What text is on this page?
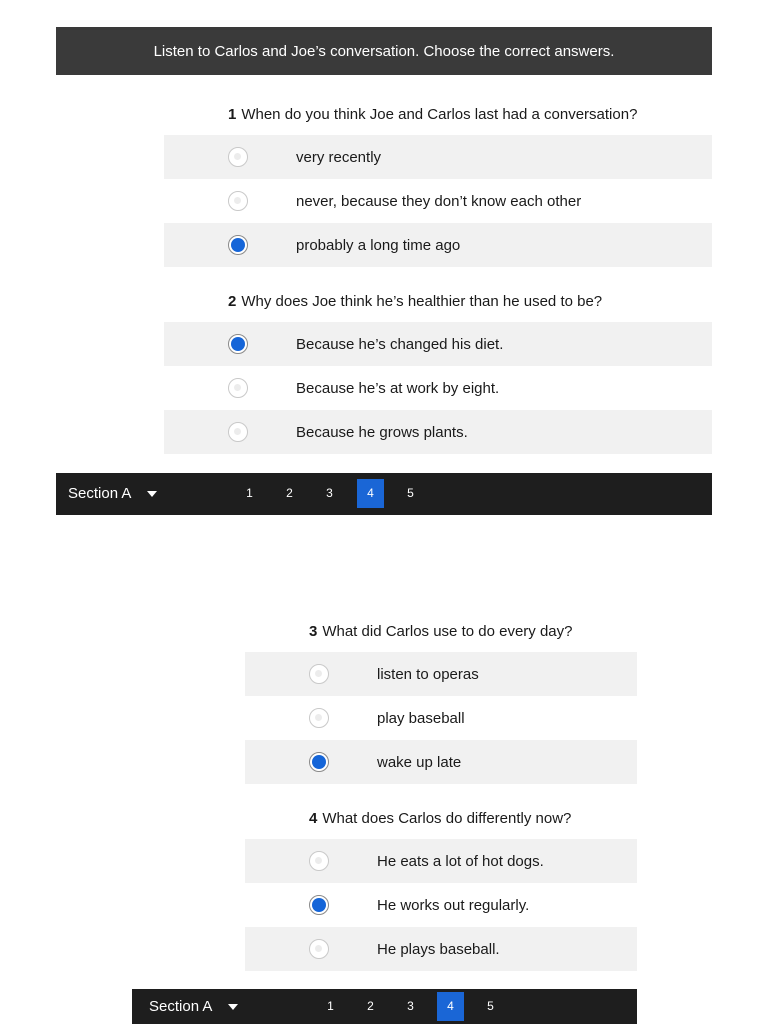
Listen to Carlos and Joe’s conversation. Choose the correct answers.
1 When do you think Joe and Carlos last had a conversation?
very recently
never, because they don’t know each other
probably a long time ago
2 Why does Joe think he’s healthier than he used to be?
Because he’s changed his diet.
Because he’s at work by eight.
Because he grows plants.
Section A	1	2	3	4	5
3 What did Carlos use to do every day?
listen to operas
play baseball
wake up late
4 What does Carlos do differently now?
He eats a lot of hot dogs.
He works out regularly.
He plays baseball.
Section A	1	2	3	4	5
